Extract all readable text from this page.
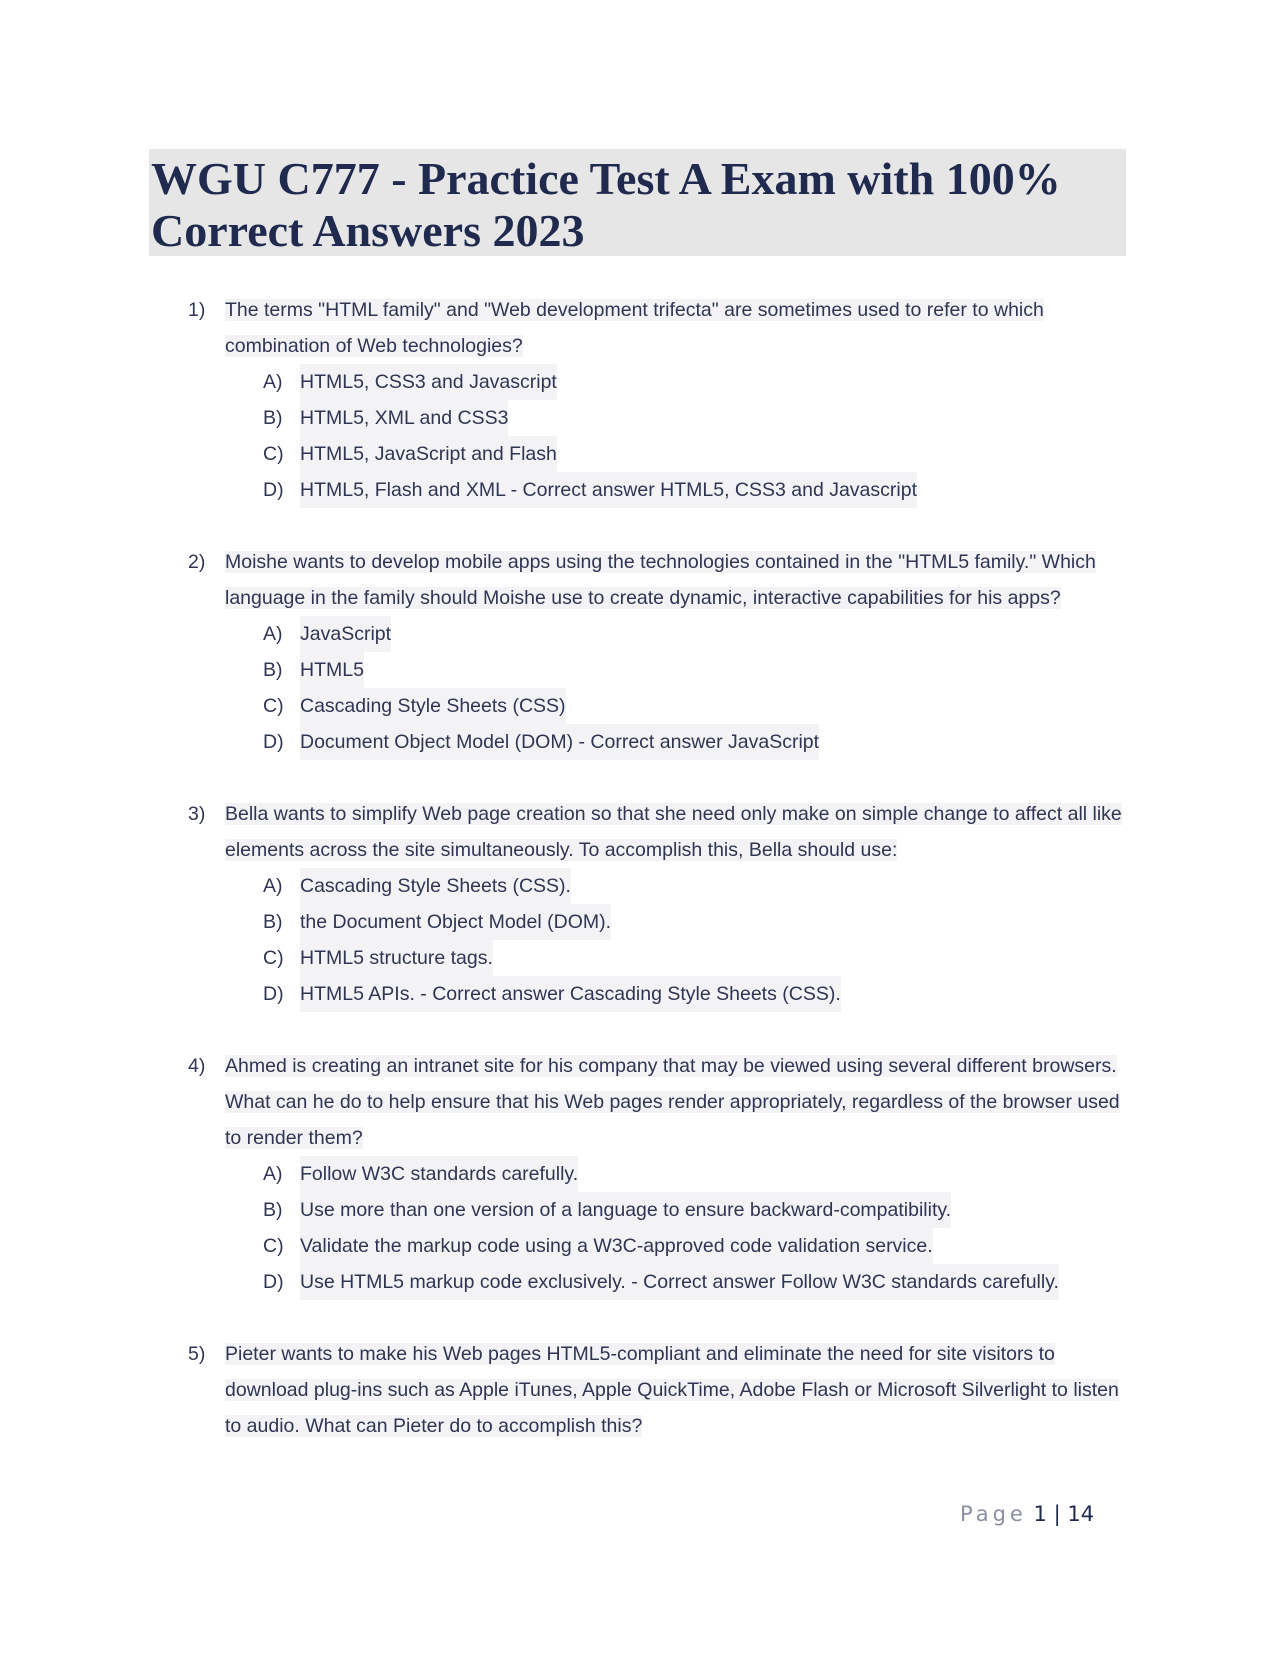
WGU C777 - Practice Test A Exam with 100% Correct Answers 2023
1) The terms "HTML family" and "Web development trifecta" are sometimes used to refer to which combination of Web technologies?
A) HTML5, CSS3 and Javascript
B) HTML5, XML and CSS3
C) HTML5, JavaScript and Flash
D) HTML5, Flash and XML - Correct answer HTML5, CSS3 and Javascript
2) Moishe wants to develop mobile apps using the technologies contained in the "HTML5 family." Which language in the family should Moishe use to create dynamic, interactive capabilities for his apps?
A) JavaScript
B) HTML5
C) Cascading Style Sheets (CSS)
D) Document Object Model (DOM) - Correct answer JavaScript
3) Bella wants to simplify Web page creation so that she need only make on simple change to affect all like elements across the site simultaneously. To accomplish this, Bella should use:
A) Cascading Style Sheets (CSS).
B) the Document Object Model (DOM).
C) HTML5 structure tags.
D) HTML5 APIs. - Correct answer Cascading Style Sheets (CSS).
4) Ahmed is creating an intranet site for his company that may be viewed using several different browsers. What can he do to help ensure that his Web pages render appropriately, regardless of the browser used to render them?
A) Follow W3C standards carefully.
B) Use more than one version of a language to ensure backward-compatibility.
C) Validate the markup code using a W3C-approved code validation service.
D) Use HTML5 markup code exclusively. - Correct answer Follow W3C standards carefully.
5) Pieter wants to make his Web pages HTML5-compliant and eliminate the need for site visitors to download plug-ins such as Apple iTunes, Apple QuickTime, Adobe Flash or Microsoft Silverlight to listen to audio. What can Pieter do to accomplish this?
Page 1 | 14
